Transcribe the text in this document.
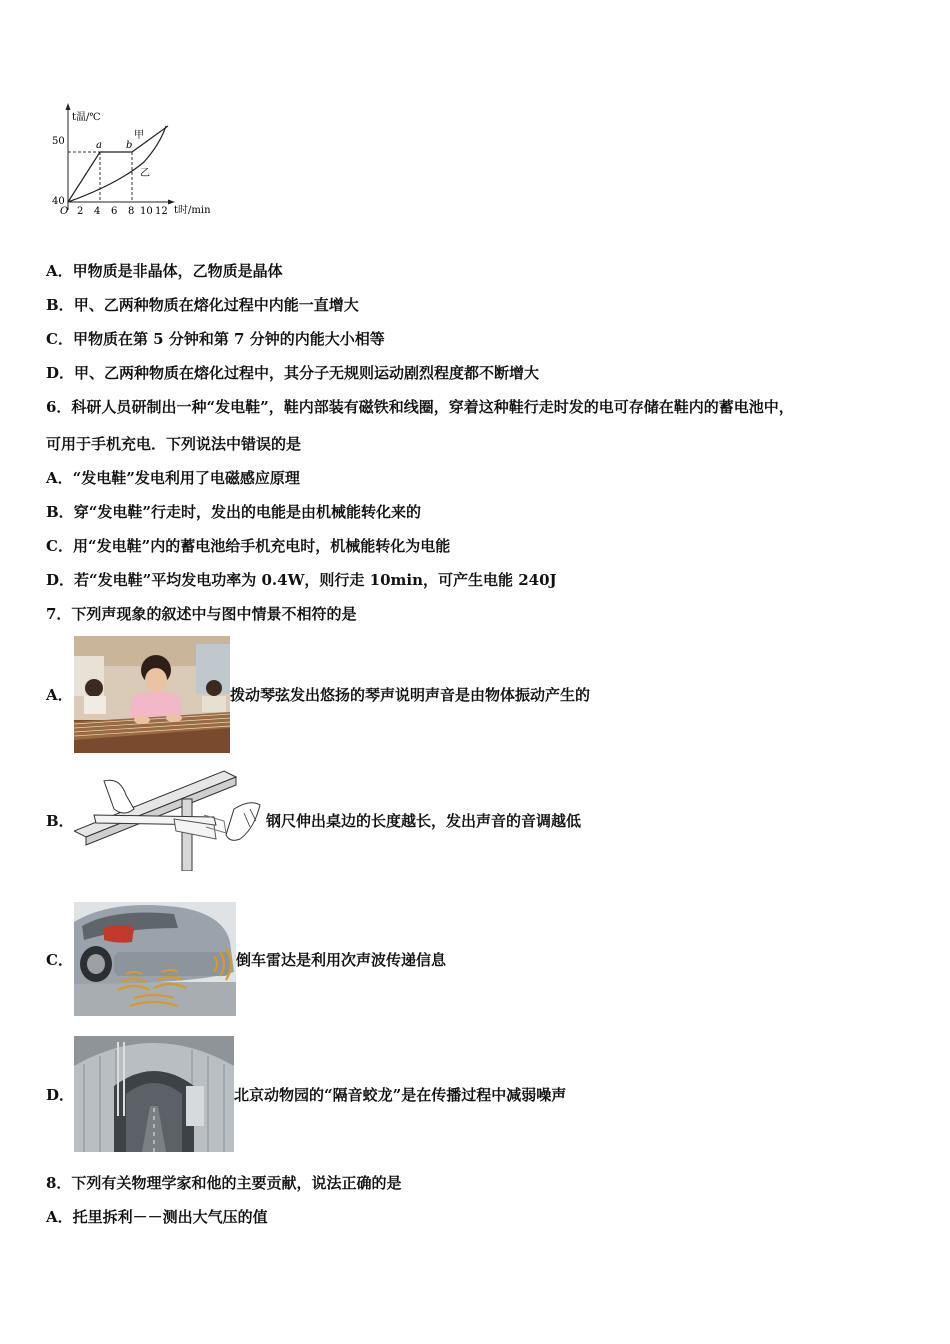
t温/℃
t时/min
O
50
40
2 4 6 8 10 12
a b
甲
乙
A．甲物质是非晶体，乙物质是晶体
B．甲、乙两种物质在熔化过程中内能一直增大
C．甲物质在第 5 分钟和第 7 分钟的内能大小相等
D．甲、乙两种物质在熔化过程中，其分子无规则运动剧烈程度都不断增大
6．科研人员研制出一种“发电鞋”，鞋内部装有磁铁和线圈，穿着这种鞋行走时发的电可存储在鞋内的蓄电池中，
可用于手机充电．下列说法中错误的是
A．“发电鞋”发电利用了电磁感应原理
B．穿“发电鞋”行走时，发出的电能是由机械能转化来的
C．用“发电鞋”内的蓄电池给手机充电时，机械能转化为电能
D．若“发电鞋”平均发电功率为 0.4W，则行走 10min，可产生电能 240J
7．下列声现象的叙述中与图中情景不相符的是
A．	拨动琴弦发出悠扬的琴声说明声音是由物体振动产生的
B．	钢尺伸出桌边的长度越长，发出声音的音调越低
C．	倒车雷达是利用次声波传递信息
D．	北京动物园的“隔音蛟龙”是在传播过程中减弱噪声
8．下列有关物理学家和他的主要贡献，说法正确的是
A．托里拆利－－测出大气压的值
